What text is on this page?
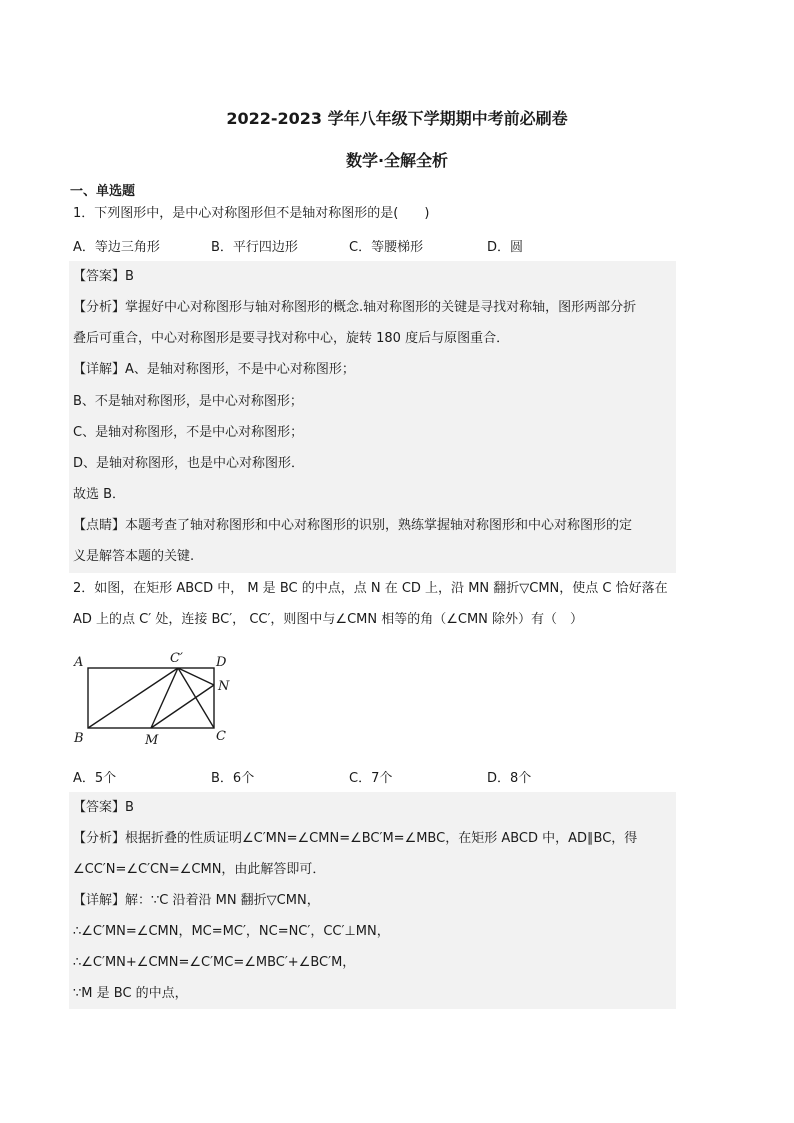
2022-2023 学年八年级下学期期中考前必刷卷
数学·全解全析
一、单选题
1．下列图形中，是中心对称图形但不是轴对称图形的是(　　)
A．等边三角形	B．平行四边形	C．等腰梯形	D．圆
【答案】B
【分析】掌握好中心对称图形与轴对称图形的概念.轴对称图形的关键是寻找对称轴，图形两部分折
叠后可重合，中心对称图形是要寻找对称中心，旋转 180 度后与原图重合．
【详解】A、是轴对称图形，不是中心对称图形；
B、不是轴对称图形，是中心对称图形；
C、是轴对称图形，不是中心对称图形；
D、是轴对称图形，也是中心对称图形．
故选 B．
【点睛】本题考查了轴对称图形和中心对称图形的识别，熟练掌握轴对称图形和中心对称图形的定
义是解答本题的关键.
2．如图，在矩形 ABCD 中， M 是 BC 的中点，点 N 在 CD 上，沿 MN 翻折▽CMN，使点 C 恰好落在
AD 上的点 C′ 处，连接 BC′， CC′，则图中与∠CMN 相等的角（∠CMN 除外）有（　）
A	C′	D
N
B	M	C
A．5个	B．6个	C．7个	D．8个
【答案】B
【分析】根据折叠的性质证明∠C′MN=∠CMN=∠BC′M=∠MBC，在矩形 ABCD 中，AD∥BC，得
∠CC′N=∠C′CN=∠CMN，由此解答即可．
【详解】解：∵C 沿着沿 MN 翻折▽CMN，
∴∠C′MN=∠CMN，MC=MC′，NC=NC′，CC′⊥MN，
∴∠C′MN+∠CMN=∠C′MC=∠MBC′+∠BC′M，
∵M 是 BC 的中点，
